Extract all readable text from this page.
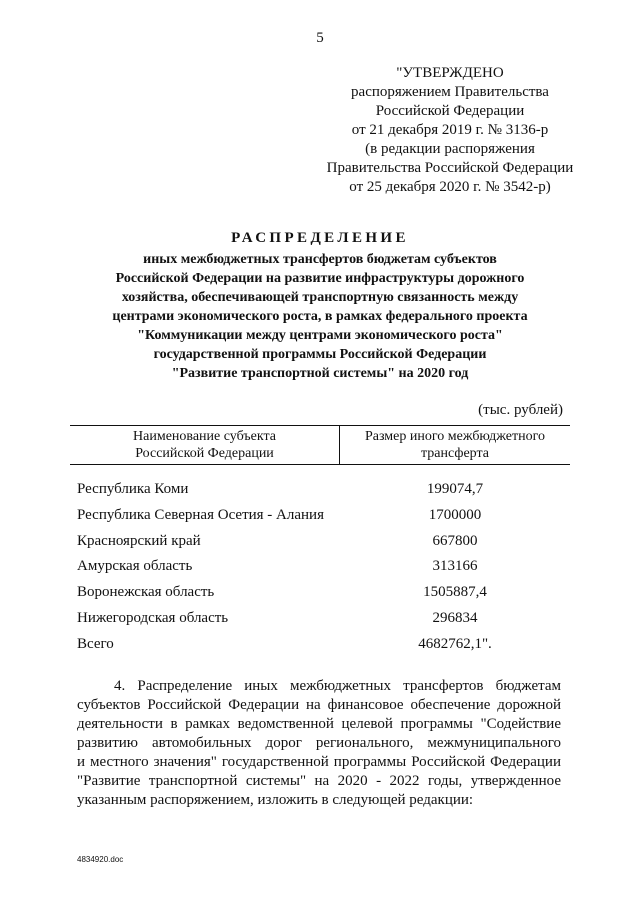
5
"УТВЕРЖДЕНО
распоряжением Правительства
Российской Федерации
от 21 декабря 2019 г. № 3136-р
(в редакции распоряжения
Правительства Российской Федерации
от 25 декабря 2020 г. № 3542-р)
РАСПРЕДЕЛЕНИЕ
иных межбюджетных трансфертов бюджетам субъектов
Российской Федерации на развитие инфраструктуры дорожного
хозяйства, обеспечивающей транспортную связанность между
центрами экономического роста, в рамках федерального проекта
"Коммуникации между центрами экономического роста"
государственной программы Российской Федерации
"Развитие транспортной системы" на 2020 год
(тыс. рублей)
Наименование субъекта
Российской Федерации
Размер иного межбюджетного
трансферта
Республика Коми	199074,7
Республика Северная Осетия - Алания	1700000
Красноярский край	667800
Амурская область	313166
Воронежская область	1505887,4
Нижегородская область	296834
Всего	4682762,1".
4. Распределение иных межбюджетных трансфертов бюджетам
субъектов Российской Федерации на финансовое обеспечение дорожной
деятельности в рамках ведомственной целевой программы "Содействие
развитию автомобильных дорог регионального, межмуниципального
и местного значения" государственной программы Российской Федерации
"Развитие транспортной системы" на 2020 - 2022 годы, утвержденное
указанным распоряжением, изложить в следующей редакции:
4834920.doc
